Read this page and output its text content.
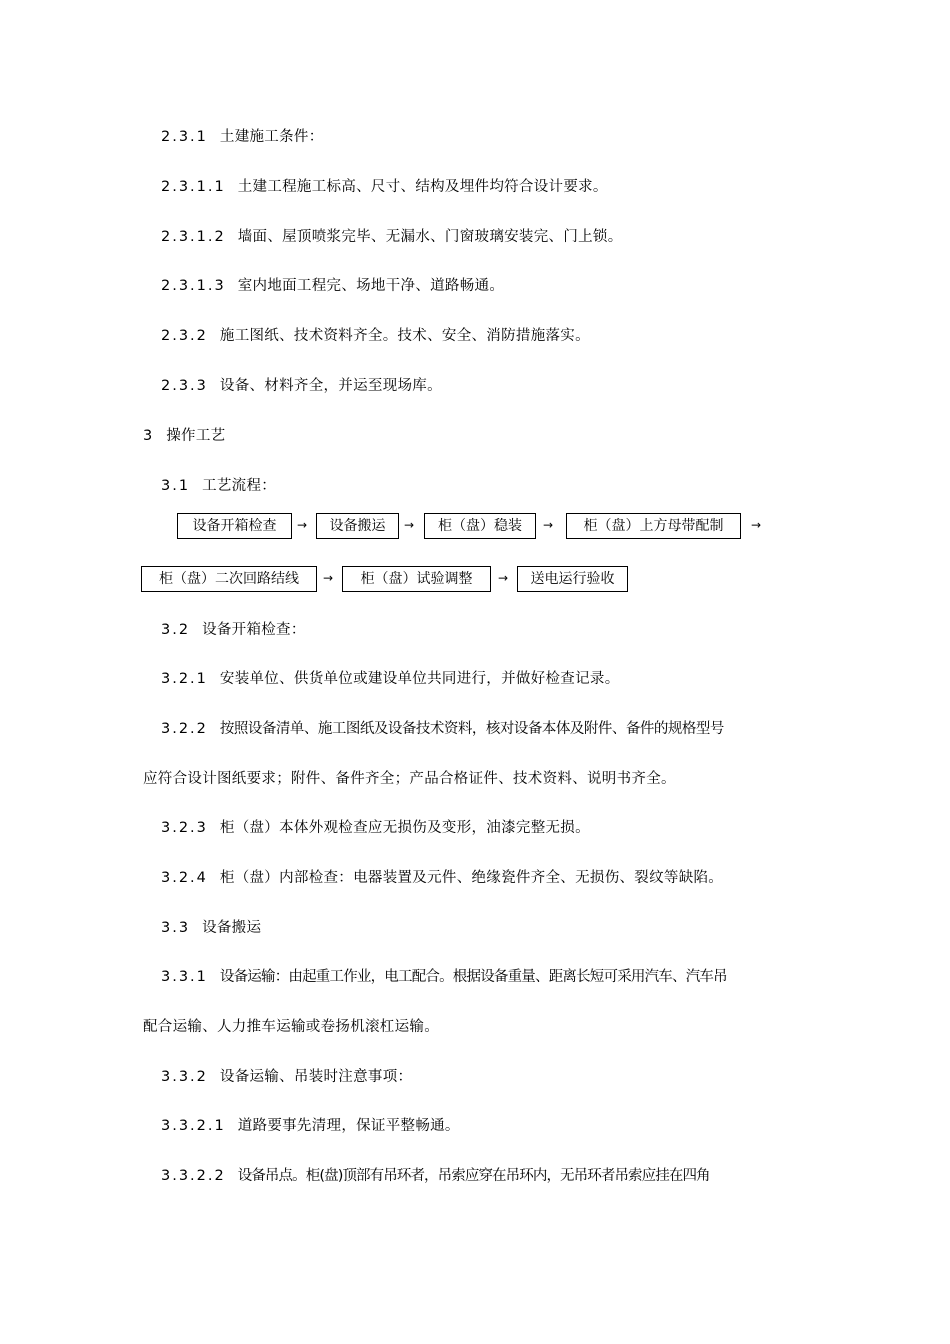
2.3.1 土建施工条件：
2.3.1.1 土建工程施工标高、尺寸、结构及埋件均符合设计要求。
2.3.1.2 墙面、屋顶喷浆完毕、无漏水、门窗玻璃安装完、门上锁。
2.3.1.3 室内地面工程完、场地干净、道路畅通。
2.3.2 施工图纸、技术资料齐全。技术、安全、消防措施落实。
2.3.3 设备、材料齐全，并运至现场库。
3 操作工艺
3.1 工艺流程：
设备开箱检查	→	设备搬运	→	柜（盘）稳装	→	柜（盘）上方母带配制	→
柜（盘）二次回路结线	→	柜（盘）试验调整	→	送电运行验收
3.2 设备开箱检查：
3.2.1 安装单位、供货单位或建设单位共同进行，并做好检查记录。
3.2.2 按照设备清单、施工图纸及设备技术资料，核对设备本体及附件、备件的规格型号
应符合设计图纸要求；附件、备件齐全；产品合格证件、技术资料、说明书齐全。
3.2.3 柜（盘）本体外观检查应无损伤及变形，油漆完整无损。
3.2.4 柜（盘）内部检查：电器装置及元件、绝缘瓷件齐全、无损伤、裂纹等缺陷。
3.3 设备搬运
3.3.1 设备运输：由起重工作业，电工配合。根据设备重量、距离长短可采用汽车、汽车吊
配合运输、人力推车运输或卷扬机滚杠运输。
3.3.2 设备运输、吊装时注意事项：
3.3.2.1 道路要事先清理，保证平整畅通。
3.3.2.2 设备吊点。柜(盘)顶部有吊环者，吊索应穿在吊环内，无吊环者吊索应挂在四角
